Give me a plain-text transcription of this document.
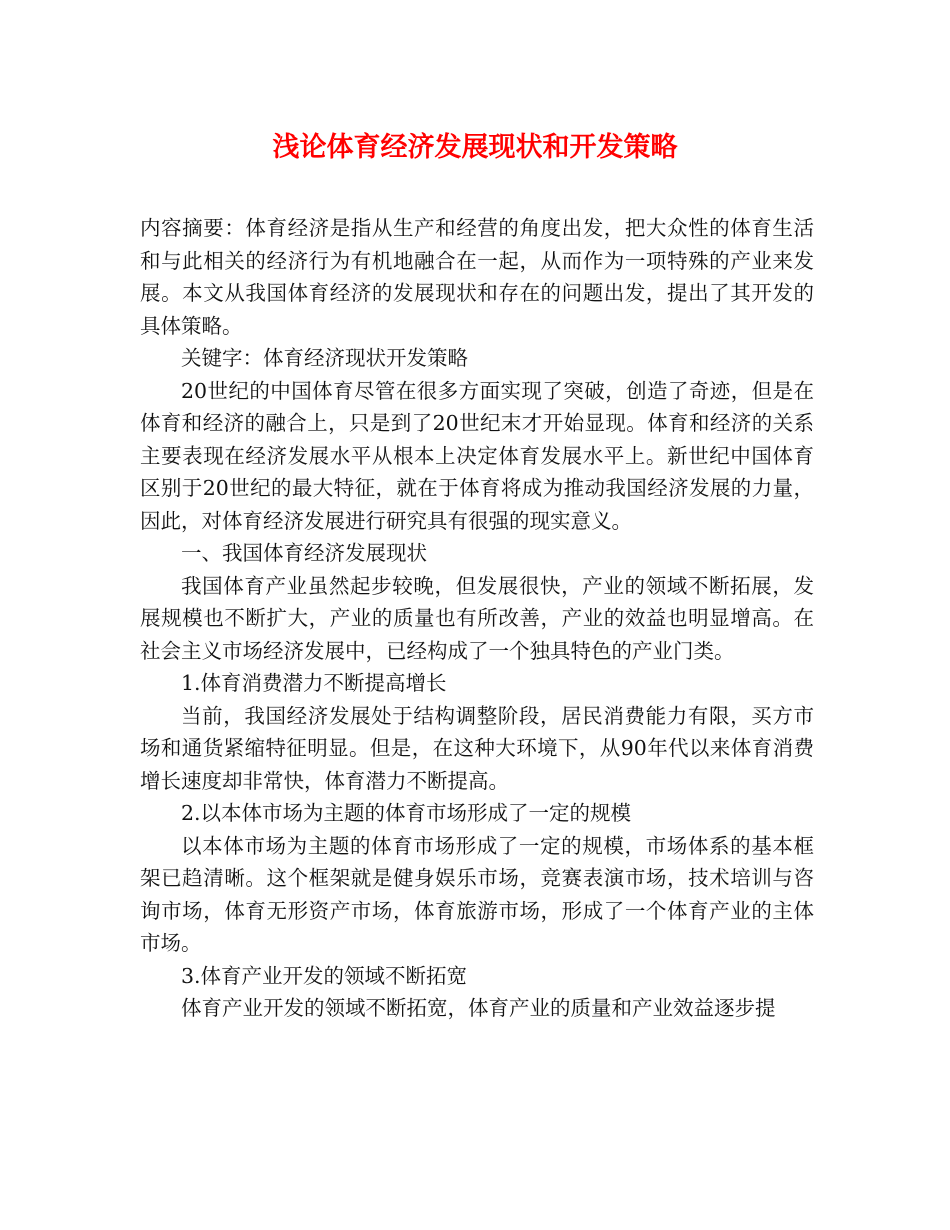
浅论体育经济发展现状和开发策略

内容摘要：体育经济是指从生产和经营的角度出发，把大众性的体育生活和与此相关的经济行为有机地融合在一起，从而作为一项特殊的产业来发展。本文从我国体育经济的发展现状和存在的问题出发，提出了其开发的具体策略。

关键字：体育经济现状开发策略

20世纪的中国体育尽管在很多方面实现了突破，创造了奇迹，但是在体育和经济的融合上，只是到了20世纪末才开始显现。体育和经济的关系主要表现在经济发展水平从根本上决定体育发展水平上。新世纪中国体育区别于20世纪的最大特征，就在于体育将成为推动我国经济发展的力量，因此，对体育经济发展进行研究具有很强的现实意义。

一、我国体育经济发展现状

我国体育产业虽然起步较晚，但发展很快，产业的领域不断拓展，发展规模也不断扩大，产业的质量也有所改善，产业的效益也明显增高。在社会主义市场经济发展中，已经构成了一个独具特色的产业门类。

1.体育消费潜力不断提高增长

当前，我国经济发展处于结构调整阶段，居民消费能力有限，买方市场和通货紧缩特征明显。但是，在这种大环境下，从90年代以来体育消费增长速度却非常快，体育潜力不断提高。

2.以本体市场为主题的体育市场形成了一定的规模

以本体市场为主题的体育市场形成了一定的规模，市场体系的基本框架已趋清晰。这个框架就是健身娱乐市场，竞赛表演市场，技术培训与咨询市场，体育无形资产市场，体育旅游市场，形成了一个体育产业的主体市场。

3.体育产业开发的领域不断拓宽

体育产业开发的领域不断拓宽，体育产业的质量和产业效益逐步提
